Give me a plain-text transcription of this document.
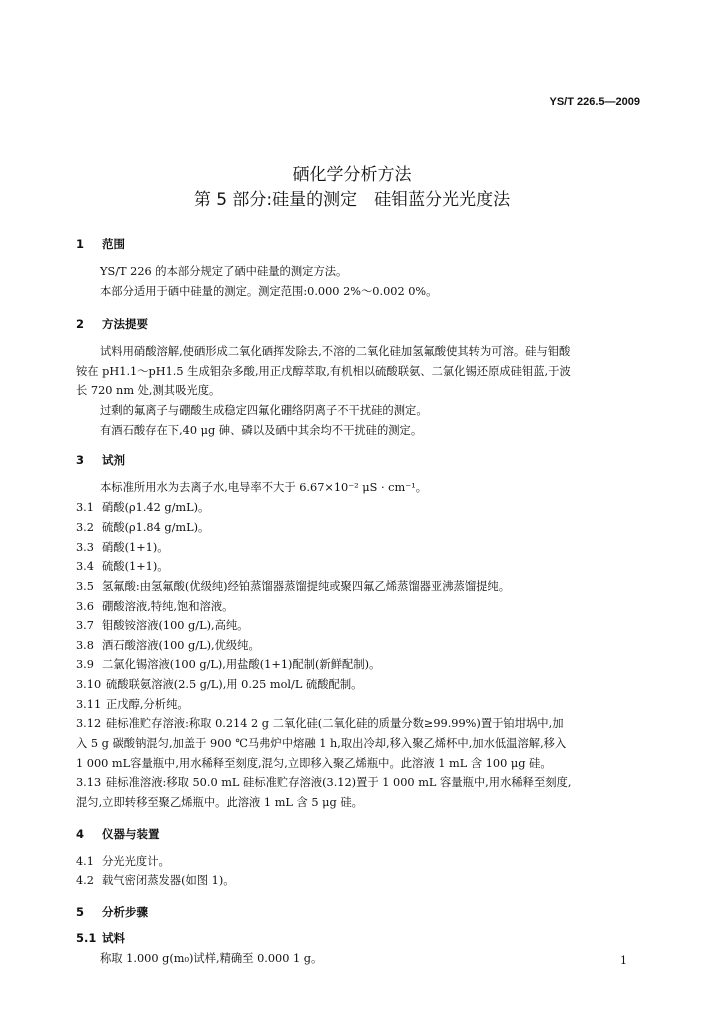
YS/T 226.5—2009
硒化学分析方法
第 5 部分:硅量的测定　硅钼蓝分光光度法
1 范围
YS/T 226 的本部分规定了硒中硅量的测定方法。
本部分适用于硒中硅量的测定。测定范围:0.000 2%～0.002 0%。
2 方法提要
试料用硝酸溶解,使硒形成二氧化硒挥发除去,不溶的二氧化硅加氢氟酸使其转为可溶。硅与钼酸
铵在 pH1.1～pH1.5 生成钼杂多酸,用正戊醇萃取,有机相以硫酸联氨、二氯化锡还原成硅钼蓝,于波
长 720 nm 处,测其吸光度。
过剩的氟离子与硼酸生成稳定四氟化硼络阴离子不干扰硅的测定。
有酒石酸存在下,40 μg 砷、磷以及硒中其余均不干扰硅的测定。
3 试剂
本标准所用水为去离子水,电导率不大于 6.67×10⁻² μS · cm⁻¹。
3.1 硝酸(ρ1.42 g/mL)。
3.2 硫酸(ρ1.84 g/mL)。
3.3 硝酸(1+1)。
3.4 硫酸(1+1)。
3.5 氢氟酸:由氢氟酸(优级纯)经铂蒸馏器蒸馏提纯或聚四氟乙烯蒸馏器亚沸蒸馏提纯。
3.6 硼酸溶液,特纯,饱和溶液。
3.7 钼酸铵溶液(100 g/L),高纯。
3.8 酒石酸溶液(100 g/L),优级纯。
3.9 二氯化锡溶液(100 g/L),用盐酸(1+1)配制(新鲜配制)。
3.10 硫酸联氨溶液(2.5 g/L),用 0.25 mol/L 硫酸配制。
3.11 正戊醇,分析纯。
3.12 硅标准贮存溶液:称取 0.214 2 g 二氧化硅(二氧化硅的质量分数≥99.99%)置于铂坩埚中,加
入 5 g 碳酸钠混匀,加盖于 900 ℃马弗炉中熔融 1 h,取出冷却,移入聚乙烯杯中,加水低温溶解,移入
1 000 mL容量瓶中,用水稀释至刻度,混匀,立即移入聚乙烯瓶中。此溶液 1 mL 含 100 μg 硅。
3.13 硅标准溶液:移取 50.0 mL 硅标准贮存溶液(3.12)置于 1 000 mL 容量瓶中,用水稀释至刻度,
混匀,立即转移至聚乙烯瓶中。此溶液 1 mL 含 5 μg 硅。
4 仪器与装置
4.1 分光光度计。
4.2 载气密闭蒸发器(如图 1)。
5 分析步骤
5.1 试料
称取 1.000 g(m₀)试样,精确至 0.000 1 g。	1
